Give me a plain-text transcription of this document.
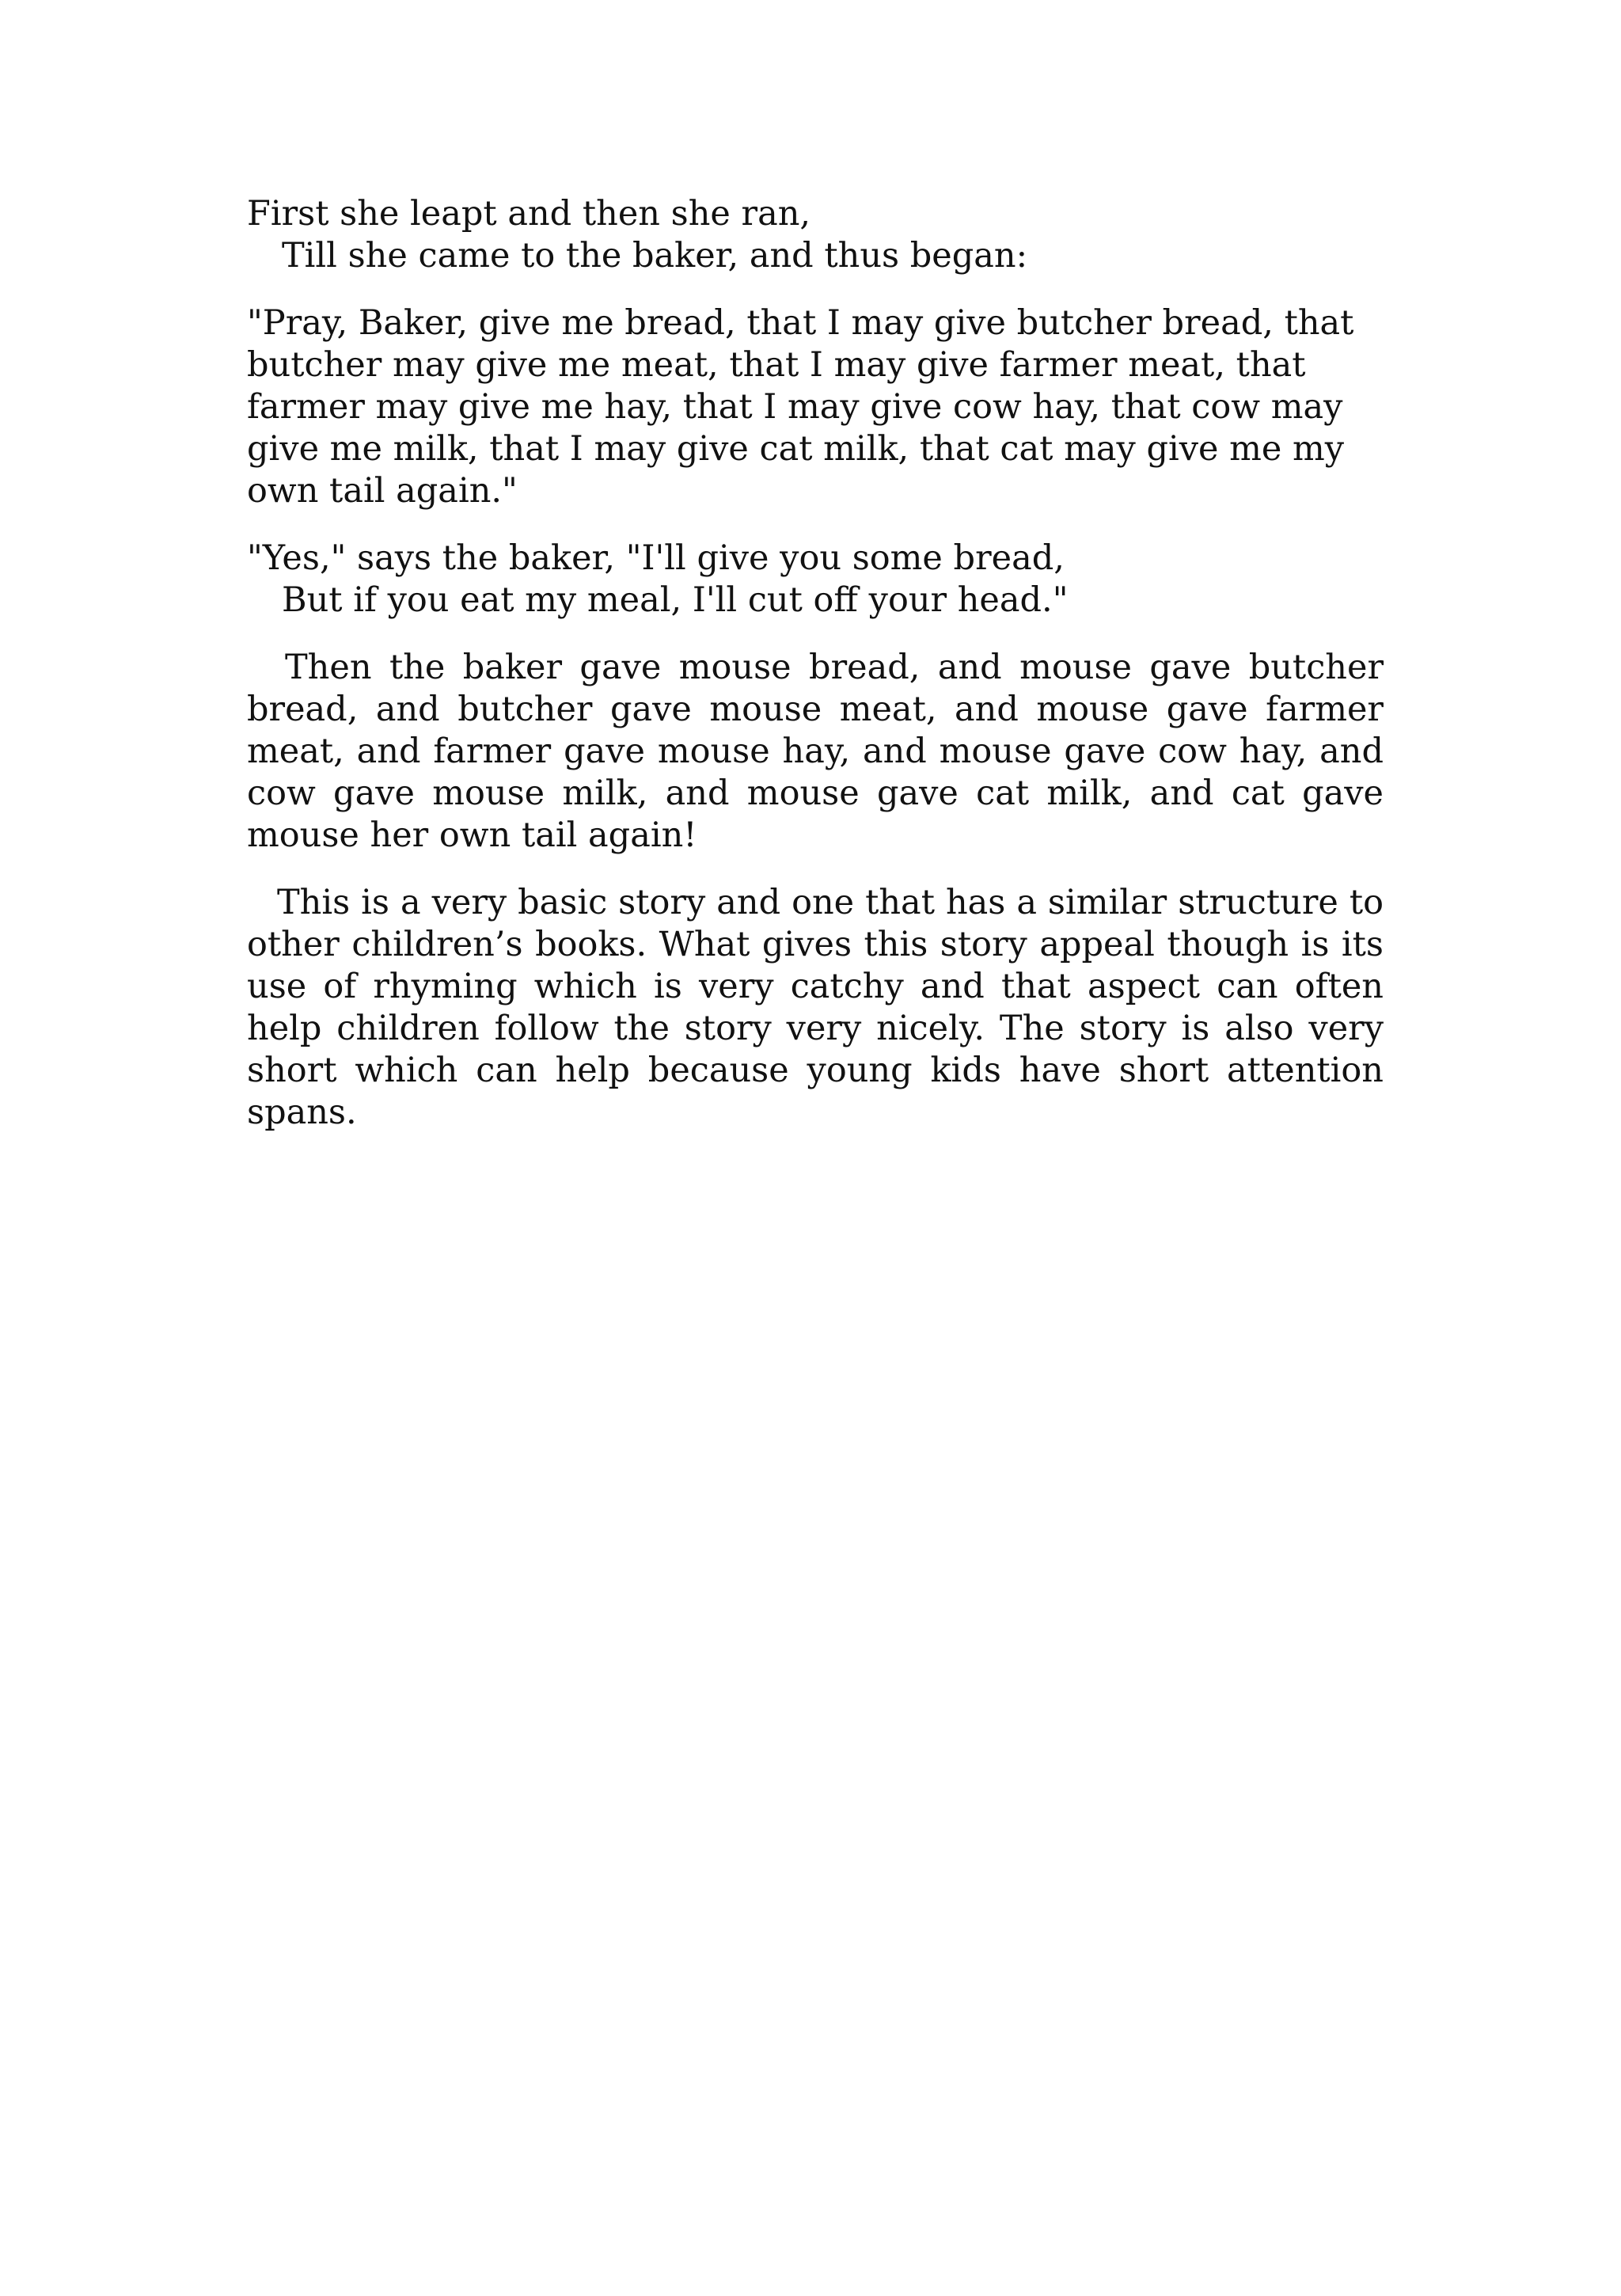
First she leapt and then she ran,
Till she came to the baker, and thus began:

"Pray, Baker, give me bread, that I may give butcher bread, that butcher may give me meat, that I may give farmer meat, that farmer may give me hay, that I may give cow hay, that cow may give me milk, that I may give cat milk, that cat may give me my own tail again."

"Yes," says the baker, "I'll give you some bread,
But if you eat my meal, I'll cut off your head."

Then the baker gave mouse bread, and mouse gave butcher bread, and butcher gave mouse meat, and mouse gave farmer meat, and farmer gave mouse hay, and mouse gave cow hay, and cow gave mouse milk, and mouse gave cat milk, and cat gave mouse her own tail again!

This is a very basic story and one that has a similar structure to other children’s books. What gives this story appeal though is its use of rhyming which is very catchy and that aspect can often help children follow the story very nicely. The story is also very short which can help because young kids have short attention spans.
